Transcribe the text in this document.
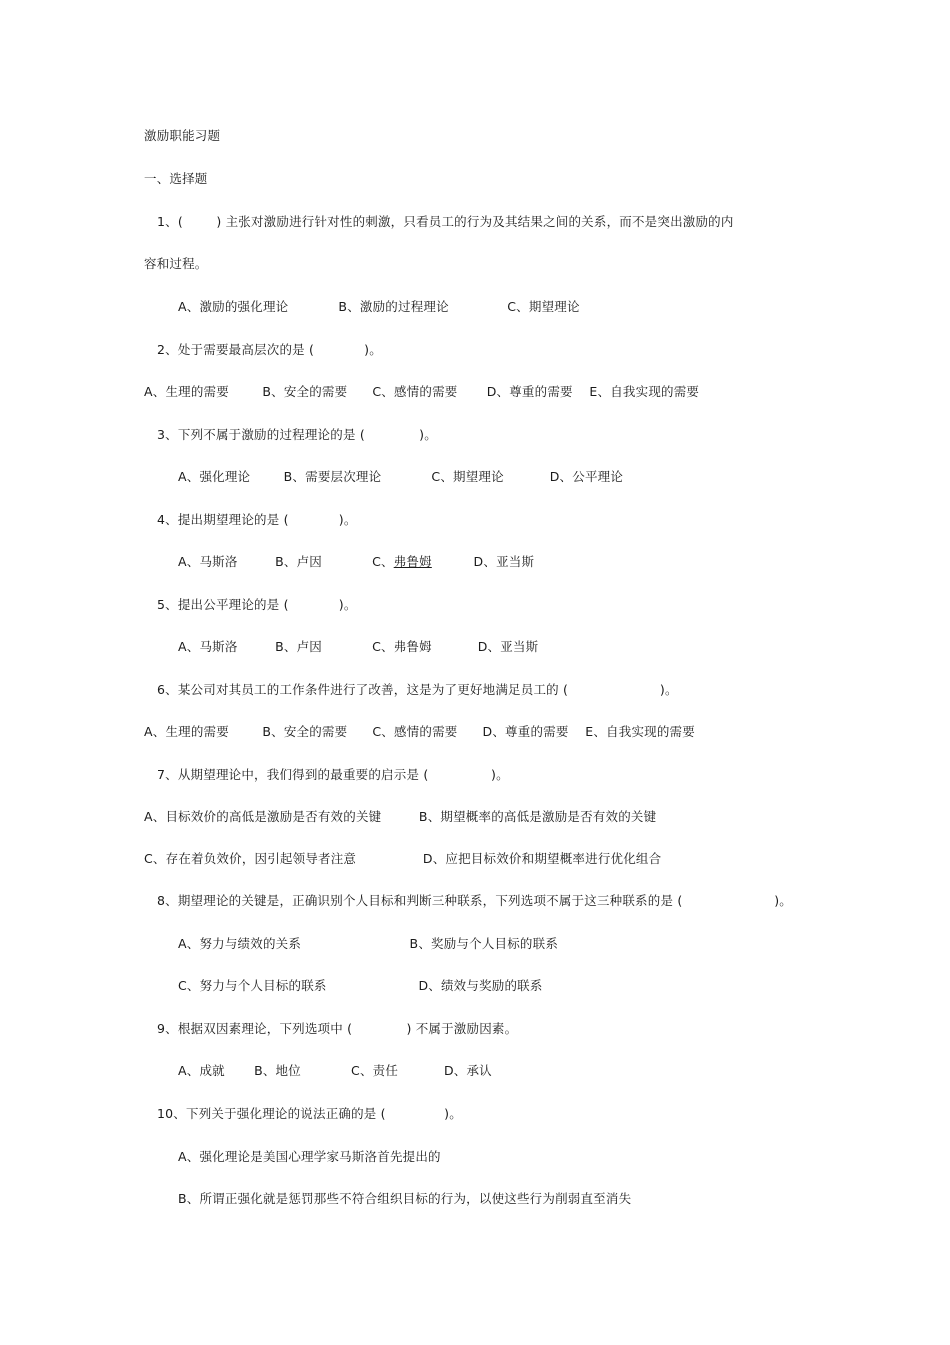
激励职能习题

一、选择题

1、(        ) 主张对激励进行针对性的刺激，只看员工的行为及其结果之间的关系，而不是突出激励的内

容和过程。

A、激励的强化理论            B、激励的过程理论              C、期望理论

2、处于需要最高层次的是 (            )。

A、生理的需要        B、安全的需要      C、感情的需要       D、尊重的需要    E、自我实现的需要

3、下列不属于激励的过程理论的是 (             )。

A、强化理论        B、需要层次理论            C、期望理论           D、公平理论

4、提出期望理论的是 (            )。

A、马斯洛         B、卢因            C、弗鲁姆          D、亚当斯

5、提出公平理论的是 (            )。

A、马斯洛         B、卢因            C、弗鲁姆           D、亚当斯

6、某公司对其员工的工作条件进行了改善，这是为了更好地满足员工的 (                      )。

A、生理的需要        B、安全的需要      C、感情的需要      D、尊重的需要    E、自我实现的需要

7、从期望理论中，我们得到的最重要的启示是 (               )。

A、目标效价的高低是激励是否有效的关键         B、期望概率的高低是激励是否有效的关键

C、存在着负效价，因引起领导者注意                D、应把目标效价和期望概率进行优化组合

8、期望理论的关键是，正确识别个人目标和判断三种联系，下列选项不属于这三种联系的是 (                      )。

A、努力与绩效的关系                          B、奖励与个人目标的联系

C、努力与个人目标的联系                      D、绩效与奖励的联系

9、根据双因素理论，下列选项中 (             ) 不属于激励因素。

A、成就       B、地位            C、责任           D、承认

10、下列关于强化理论的说法正确的是 (              )。

A、强化理论是美国心理学家马斯洛首先提出的

B、所谓正强化就是惩罚那些不符合组织目标的行为，以使这些行为削弱直至消失
